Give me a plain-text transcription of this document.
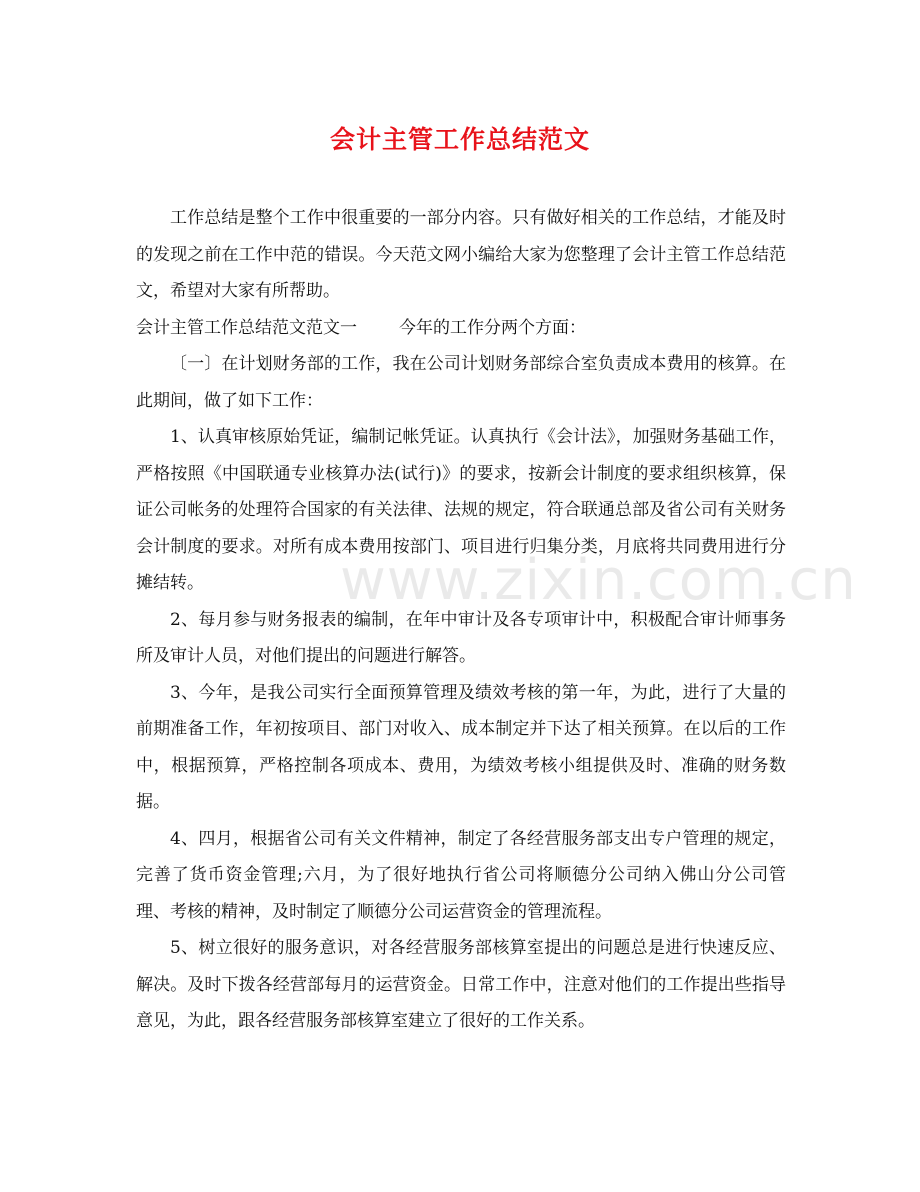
会计主管工作总结范文

工作总结是整个工作中很重要的一部分内容。只有做好相关的工作总结，才能及时的发现之前在工作中范的错误。今天范文网小编给大家为您整理了会计主管工作总结范文，希望对大家有所帮助。

会计主管工作总结范文范文一 今年的工作分两个方面：

〔一〕在计划财务部的工作，我在公司计划财务部综合室负责成本费用的核算。在此期间，做了如下工作：

1、认真审核原始凭证，编制记帐凭证。认真执行《会计法》，加强财务基础工作，严格按照《中国联通专业核算办法(试行)》的要求，按新会计制度的要求组织核算，保证公司帐务的处理符合国家的有关法律、法规的规定，符合联通总部及省公司有关财务会计制度的要求。对所有成本费用按部门、项目进行归集分类，月底将共同费用进行分摊结转。

2、每月参与财务报表的编制，在年中审计及各专项审计中，积极配合审计师事务所及审计人员，对他们提出的问题进行解答。

3、今年，是我公司实行全面预算管理及绩效考核的第一年，为此，进行了大量的前期准备工作，年初按项目、部门对收入、成本制定并下达了相关预算。在以后的工作中，根据预算，严格控制各项成本、费用，为绩效考核小组提供及时、准确的财务数据。

4、四月，根据省公司有关文件精神，制定了各经营服务部支出专户管理的规定，完善了货币资金管理;六月，为了很好地执行省公司将顺德分公司纳入佛山分公司管理、考核的精神，及时制定了顺德分公司运营资金的管理流程。

5、树立很好的服务意识，对各经营服务部核算室提出的问题总是进行快速反应、解决。及时下拨各经营部每月的运营资金。日常工作中，注意对他们的工作提出些指导意见，为此，跟各经营服务部核算室建立了很好的工作关系。

www.zixin.com.cn
